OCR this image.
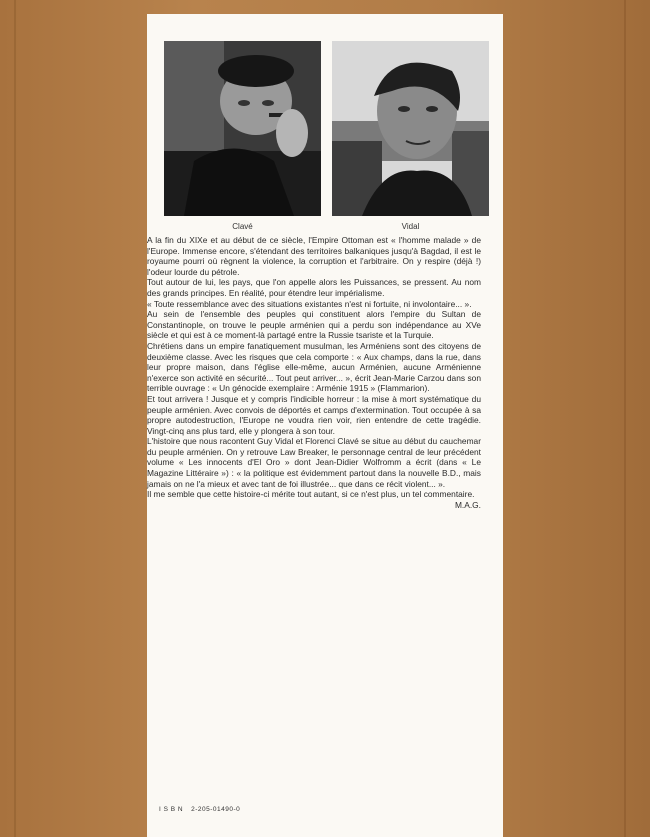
Clavé	Vidal

A la fin du XIXe et au début de ce siècle, l'Empire Ottoman est « l'homme malade » de l'Europe. Immense encore, s'étendant des territoires balkaniques jusqu'à Bagdad, il est le royaume pourri où règnent la violence, la corruption et l'arbitraire. On y respire (déjà !) l'odeur lourde du pétrole.

Tout autour de lui, les pays, que l'on appelle alors les Puissances, se pressent. Au nom des grands principes. En réalité, pour étendre leur impérialisme.

« Toute ressemblance avec des situations existantes n'est ni fortuite, ni involontaire... ».

Au sein de l'ensemble des peuples qui constituent alors l'empire du Sultan de Constantinople, on trouve le peuple arménien qui a perdu son indépendance au XVe siècle et qui est à ce moment-là partagé entre la Russie tsariste et la Turquie.

Chrétiens dans un empire fanatiquement musulman, les Arméniens sont des citoyens de deuxième classe. Avec les risques que cela comporte : « Aux champs, dans la rue, dans leur propre maison, dans l'église elle-même, aucun Arménien, aucune Arménienne n'exerce son activité en sécurité... Tout peut arriver... », écrit Jean-Marie Carzou dans son terrible ouvrage : « Un génocide exemplaire : Arménie 1915 » (Flammarion).

Et tout arrivera ! Jusque et y compris l'indicible horreur : la mise à mort systématique du peuple arménien. Avec convois de déportés et camps d'extermination. Tout occupée à sa propre autodestruction, l'Europe ne voudra rien voir, rien entendre de cette tragédie. Vingt-cinq ans plus tard, elle y plongera à son tour.

L'histoire que nous racontent Guy Vidal et Florenci Clavé se situe au début du cauchemar du peuple arménien. On y retrouve Law Breaker, le personnage central de leur précédent volume « Les innocents d'El Oro » dont Jean-Didier Wolfromm a écrit (dans « Le Magazine Littéraire ») : « la politique est évidemment partout dans la nouvelle B.D., mais jamais on ne l'a mieux et avec tant de foi illustrée... que dans ce récit violent... ».

Il me semble que cette histoire-ci mérite tout autant, si ce n'est plus, un tel commentaire.

M.A.G.

I S B N 2-205-01490-0
